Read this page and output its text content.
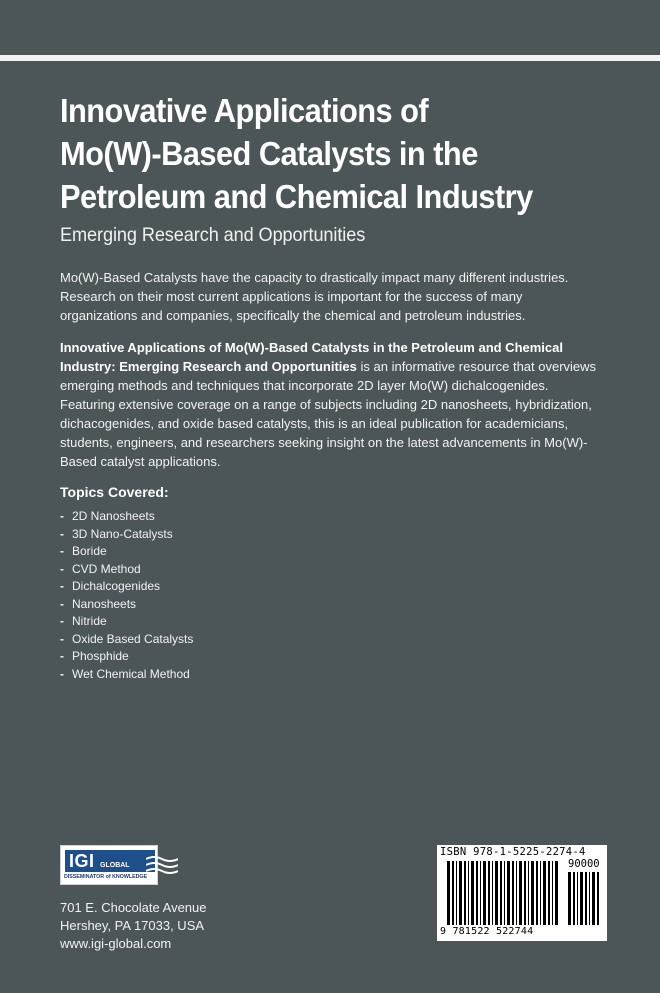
Innovative Applications of
Mo(W)-Based Catalysts in the
Petroleum and Chemical Industry
Emerging Research and Opportunities

Mo(W)-Based Catalysts have the capacity to drastically impact many different industries. Research on their most current applications is important for the success of many organizations and companies, specifically the chemical and petroleum industries.

Innovative Applications of Mo(W)-Based Catalysts in the Petroleum and Chemical Industry: Emerging Research and Opportunities is an informative resource that overviews emerging methods and techniques that incorporate 2D layer Mo(W) dichalcogenides. Featuring extensive coverage on a range of subjects including 2D nanosheets, hybridization, dichacogenides, and oxide based catalysts, this is an ideal publication for academicians, students, engineers, and researchers seeking insight on the latest advancements in Mo(W)-Based catalyst applications.

Topics Covered:
- 2D Nanosheets
- 3D Nano-Catalysts
- Boride
- CVD Method
- Dichalcogenides
- Nanosheets
- Nitride
- Oxide Based Catalysts
- Phosphide
- Wet Chemical Method
IGI GLOBAL
DISSEMINATOR of KNOWLEDGE
701 E. Chocolate Avenue
Hershey, PA 17033, USA
www.igi-global.com
ISBN 978-1-5225-2274-4
90000
9 781522 522744
